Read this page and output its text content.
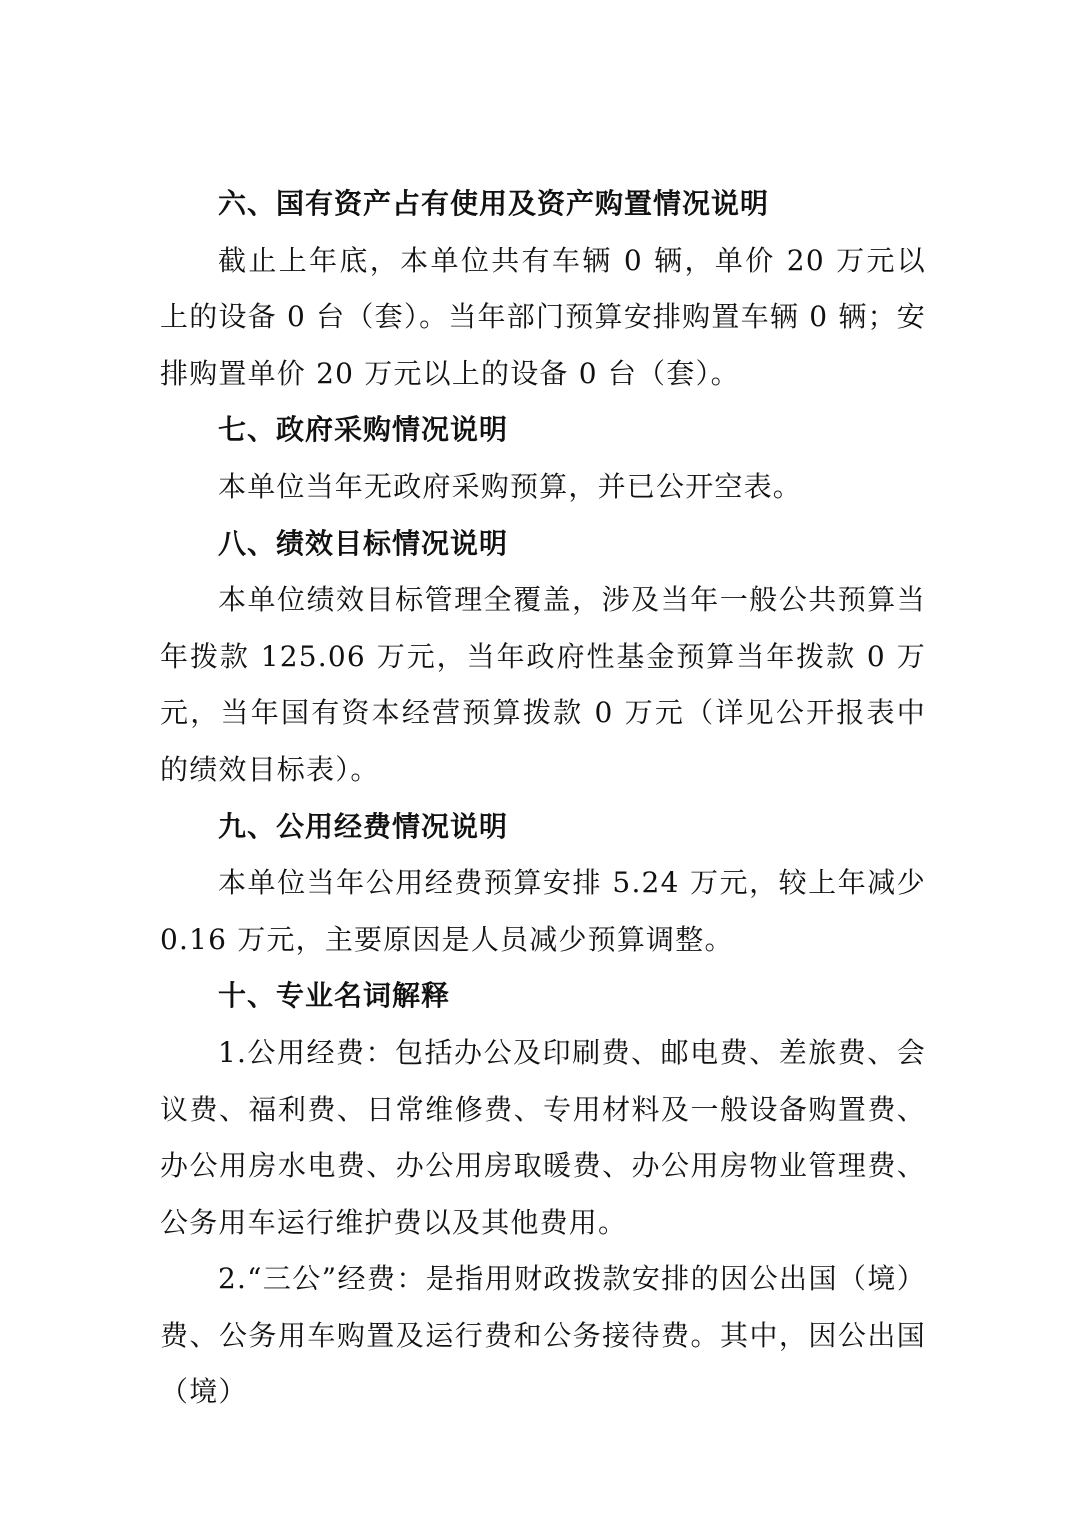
六、国有资产占有使用及资产购置情况说明

截止上年底，本单位共有车辆 0 辆，单价 20 万元以上的设备 0 台（套）。当年部门预算安排购置车辆 0 辆；安排购置单价 20 万元以上的设备 0 台（套）。

七、政府采购情况说明

本单位当年无政府采购预算，并已公开空表。

八、绩效目标情况说明

本单位绩效目标管理全覆盖，涉及当年一般公共预算当年拨款 125.06 万元，当年政府性基金预算当年拨款 0 万元，当年国有资本经营预算拨款 0 万元（详见公开报表中的绩效目标表）。

九、公用经费情况说明

本单位当年公用经费预算安排 5.24 万元，较上年减少 0.16 万元，主要原因是人员减少预算调整。

十、专业名词解释

1.公用经费：包括办公及印刷费、邮电费、差旅费、会议费、福利费、日常维修费、专用材料及一般设备购置费、办公用房水电费、办公用房取暖费、办公用房物业管理费、公务用车运行维护费以及其他费用。

2.“三公”经费：是指用财政拨款安排的因公出国（境）费、公务用车购置及运行费和公务接待费。其中，因公出国（境）
